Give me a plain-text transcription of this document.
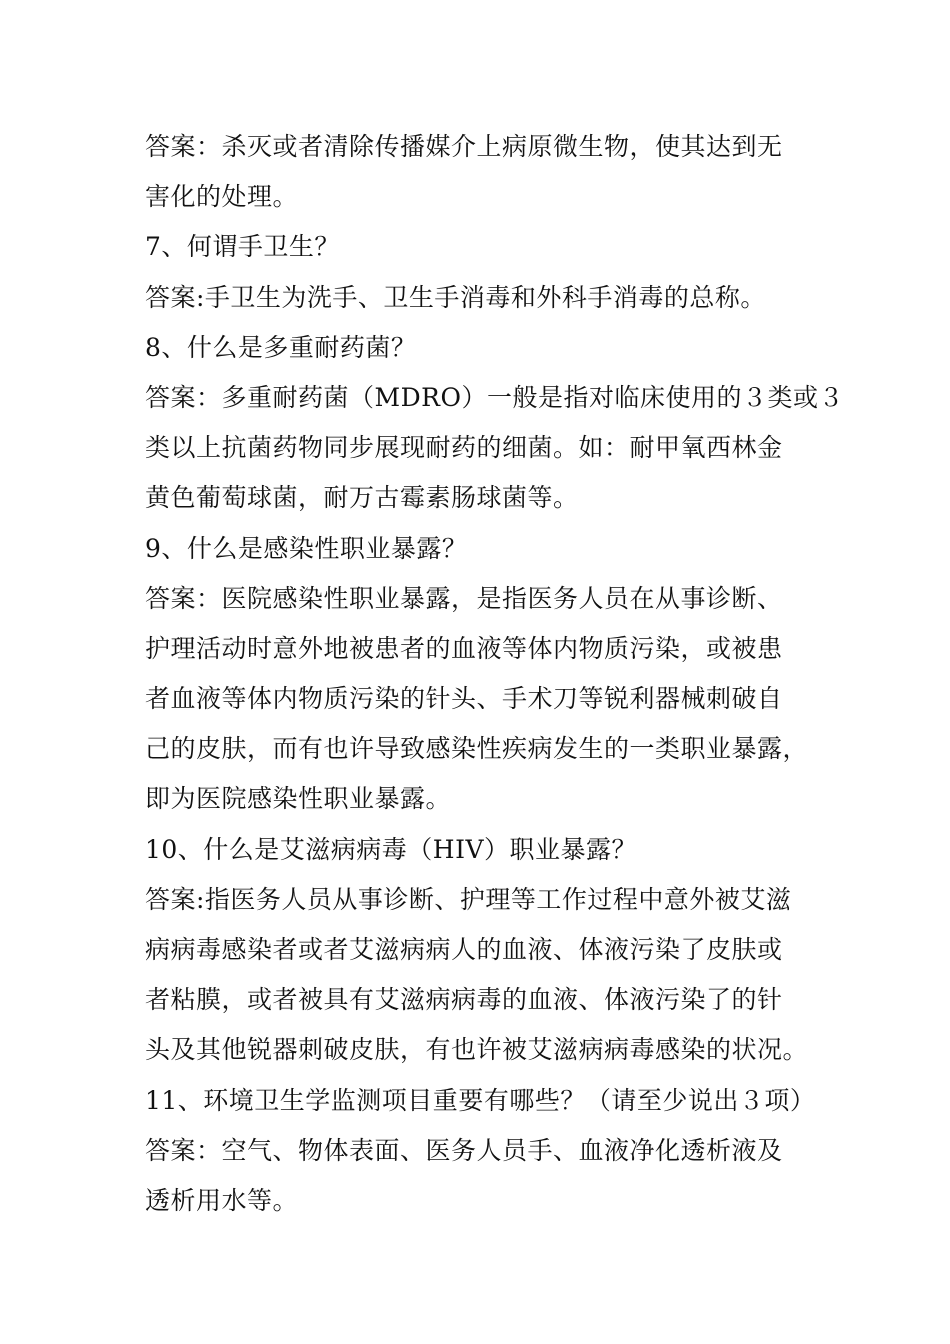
答案：杀灭或者清除传播媒介上病原微生物，使其达到无
害化的处理。
7、何谓手卫生？
答案:手卫生为洗手、卫生手消毒和外科手消毒的总称。
8、什么是多重耐药菌？
答案：多重耐药菌（MDRO）一般是指对临床使用的３类或３
类以上抗菌药物同步展现耐药的细菌。如：耐甲氧西林金
黄色葡萄球菌，耐万古霉素肠球菌等。
9、什么是感染性职业暴露？
答案：医院感染性职业暴露，是指医务人员在从事诊断、
护理活动时意外地被患者的血液等体内物质污染，或被患
者血液等体内物质污染的针头、手术刀等锐利器械刺破自
己的皮肤，而有也许导致感染性疾病发生的一类职业暴露，
即为医院感染性职业暴露。
10、什么是艾滋病病毒（HIV）职业暴露？
答案:指医务人员从事诊断、护理等工作过程中意外被艾滋
病病毒感染者或者艾滋病病人的血液、体液污染了皮肤或
者粘膜，或者被具有艾滋病病毒的血液、体液污染了的针
头及其他锐器刺破皮肤，有也许被艾滋病病毒感染的状况。
11、环境卫生学监测项目重要有哪些？（请至少说出３项）
答案：空气、物体表面、医务人员手、血液净化透析液及
透析用水等。
